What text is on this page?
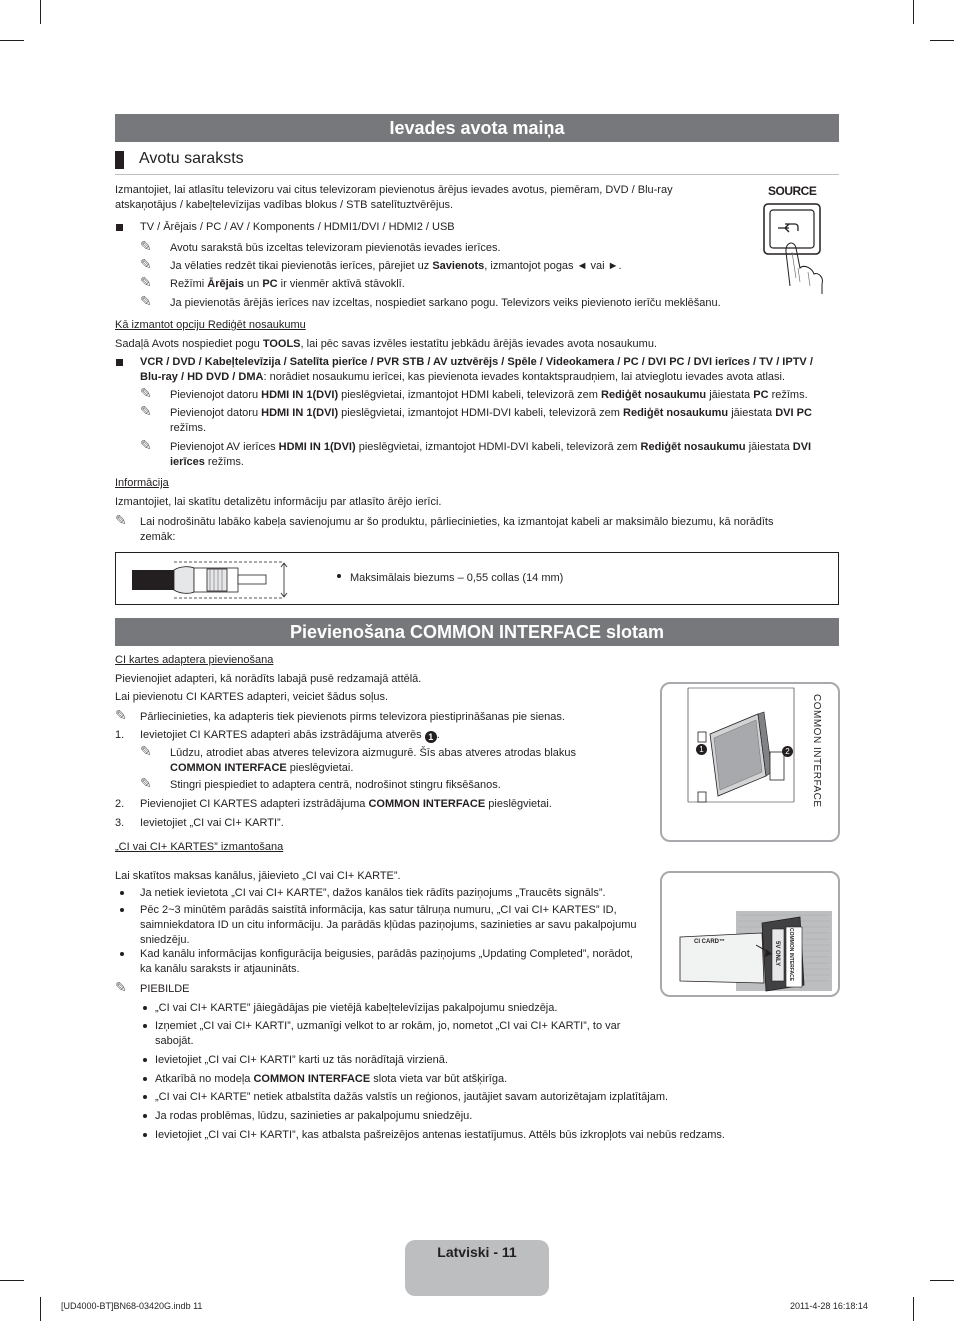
Ievades avota maiņa
Avotu saraksts
Izmantojiet, lai atlasītu televizoru vai citus televizoram pievienotus ārējus ievades avotus, piemēram, DVD / Blu-ray
atskaņotājus / kabeļtelevīzijas vadības blokus / STB satelītuztvērējus.
TV / Ārējais / PC / AV / Komponents / HDMI1/DVI / HDMI2 / USB
✎ Avotu sarakstā būs izceltas televizoram pievienotās ievades ierīces.
✎ Ja vēlaties redzēt tikai pievienotās ierīces, pārejiet uz Savienots, izmantojot pogas ◄ vai ►.
✎ Režīmi Ārējais un PC ir vienmēr aktīvā stāvoklī.
✎ Ja pievienotās ārējās ierīces nav izceltas, nospiediet sarkano pogu. Televizors veiks pievienoto ierīču meklēšanu.
SOURCE
Kā izmantot opciju Rediģēt nosaukumu
Sadaļā Avots nospiediet pogu TOOLS, lai pēc savas izvēles iestatītu jebkādu ārējās ievades avota nosaukumu.
VCR / DVD / Kabeļtelevīzija / Satelīta pierīce / PVR STB / AV uztvērējs / Spēle / Videokamera / PC / DVI PC / DVI ierīces / TV / IPTV /
Blu-ray / HD DVD / DMA: norādiet nosaukumu ierīcei, kas pievienota ievades kontaktspraudņiem, lai atvieglotu ievades avota atlasi.
✎ Pievienojot datoru HDMI IN 1(DVI) pieslēgvietai, izmantojot HDMI kabeli, televizorā zem Rediģēt nosaukumu jāiestata PC režīms.
✎ Pievienojot datoru HDMI IN 1(DVI) pieslēgvietai, izmantojot HDMI-DVI kabeli, televizorā zem Rediģēt nosaukumu jāiestata DVI PC
režīms.
✎ Pievienojot AV ierīces HDMI IN 1(DVI) pieslēgvietai, izmantojot HDMI-DVI kabeli, televizorā zem Rediģēt nosaukumu jāiestata DVI
ierīces režīms.
Informācija
Izmantojiet, lai skatītu detalizētu informāciju par atlasīto ārējo ierīci.
✎ Lai nodrošinātu labāko kabeļa savienojumu ar šo produktu, pārliecinieties, ka izmantojat kabeli ar maksimālo biezumu, kā norādīts
zemāk:
Maksimālais biezums – 0,55 collas (14 mm)
Pievienošana COMMON INTERFACE slotam
CI kartes adaptera pievienošana
Pievienojiet adapteri, kā norādīts labajā pusē redzamajā attēlā.
Lai pievienotu CI KARTES adapteri, veiciet šādus soļus.
✎ Pārliecinieties, ka adapteris tiek pievienots pirms televizora piestiprināšanas pie sienas.
1. Ievietojiet CI KARTES adapteri abās izstrādājuma atverēs 1 .
✎ Lūdzu, atrodiet abas atveres televizora aizmugurē. Šīs abas atveres atrodas blakus
COMMON INTERFACE pieslēgvietai.
✎ Stingri piespiediet to adaptera centrā, nodrošinot stingru fiksēšanos.
2. Pievienojiet CI KARTES adapteri izstrādājuma COMMON INTERFACE pieslēgvietai.
3. Ievietojiet „CI vai CI+ KARTI”.
1	2	COMMON INTERFACE
„CI vai CI+ KARTES” izmantošana
Lai skatītos maksas kanālus, jāievieto „CI vai CI+ KARTE”.
Ja netiek ievietota „CI vai CI+ KARTE”, dažos kanālos tiek rādīts paziņojums „Traucēts signāls”.
Pēc 2~3 minūtēm parādās saistītā informācija, kas satur tālruņa numuru, „CI vai CI+ KARTES” ID,
saimniekdatora ID un citu informāciju. Ja parādās kļūdas paziņojums, sazinieties ar savu pakalpojumu
sniedzēju.
Kad kanālu informācijas konfigurācija beigusies, parādās paziņojums „Updating Completed”, norādot,
ka kanālu saraksts ir atjaunināts.
CI CARD™	COMMON INTERFACE
5V ONLY
✎ PIEBILDE
„CI vai CI+ KARTE” jāiegādājas pie vietējā kabeļtelevīzijas pakalpojumu sniedzēja.
Izņemiet „CI vai CI+ KARTI”, uzmanīgi velkot to ar rokām, jo, nometot „CI vai CI+ KARTI”, to var
sabojāt.
Ievietojiet „CI vai CI+ KARTI” karti uz tās norādītajā virzienā.
Atkarībā no modeļa COMMON INTERFACE slota vieta var būt atšķirīga.
„CI vai CI+ KARTE” netiek atbalstīta dažās valstīs un reģionos, jautājiet savam autorizētajam izplatītājam.
Ja rodas problēmas, lūdzu, sazinieties ar pakalpojumu sniedzēju.
Ievietojiet „CI vai CI+ KARTI”, kas atbalsta pašreizējos antenas iestatījumus. Attēls būs izkropļots vai nebūs redzams.
Latviski - 11
[UD4000-BT]BN68-03420G.indb 11	2011-4-28 16:18:14
